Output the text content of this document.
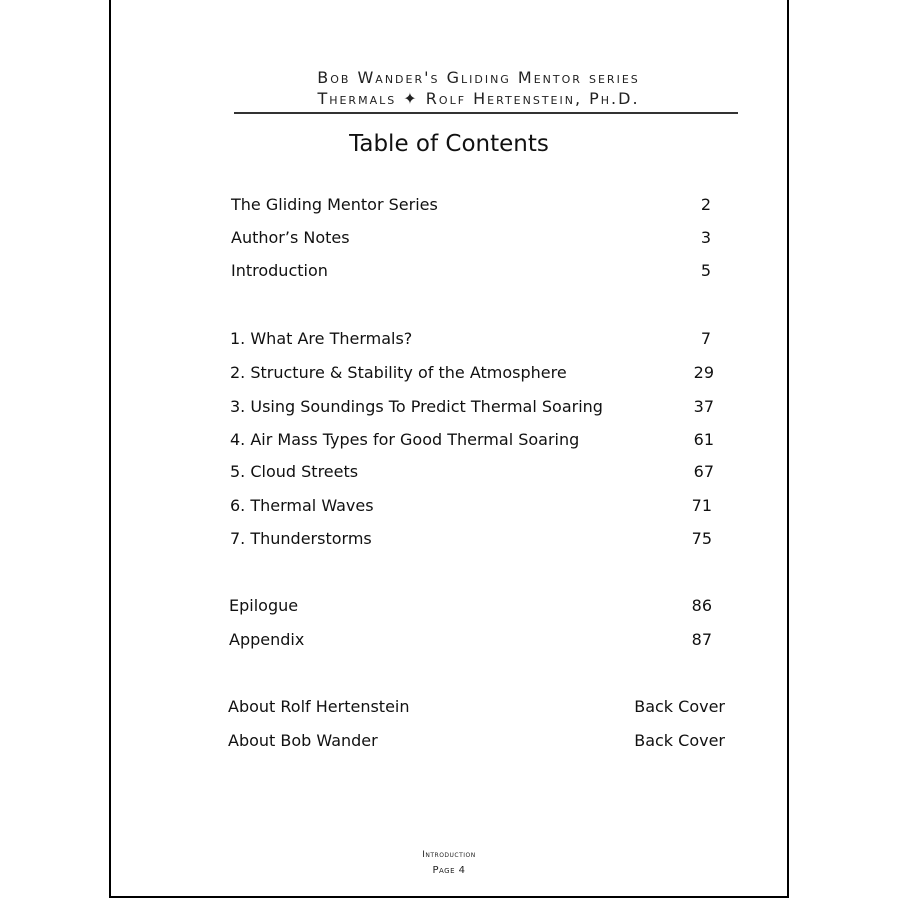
Bob Wander's Gliding Mentor series
Thermals ✦ Rolf Hertenstein, Ph.D.
Table of Contents
The Gliding Mentor Series	2
Author’s Notes	3
Introduction	5
1. What Are Thermals?	7
2. Structure & Stability of the Atmosphere	29
3. Using Soundings To Predict Thermal Soaring	37
4. Air Mass Types for Good Thermal Soaring	61
5. Cloud Streets	67
6. Thermal Waves	71
7. Thunderstorms	75
Epilogue	86
Appendix	87
About Rolf Hertenstein	Back Cover
About Bob Wander	Back Cover
Introduction
Page 4
